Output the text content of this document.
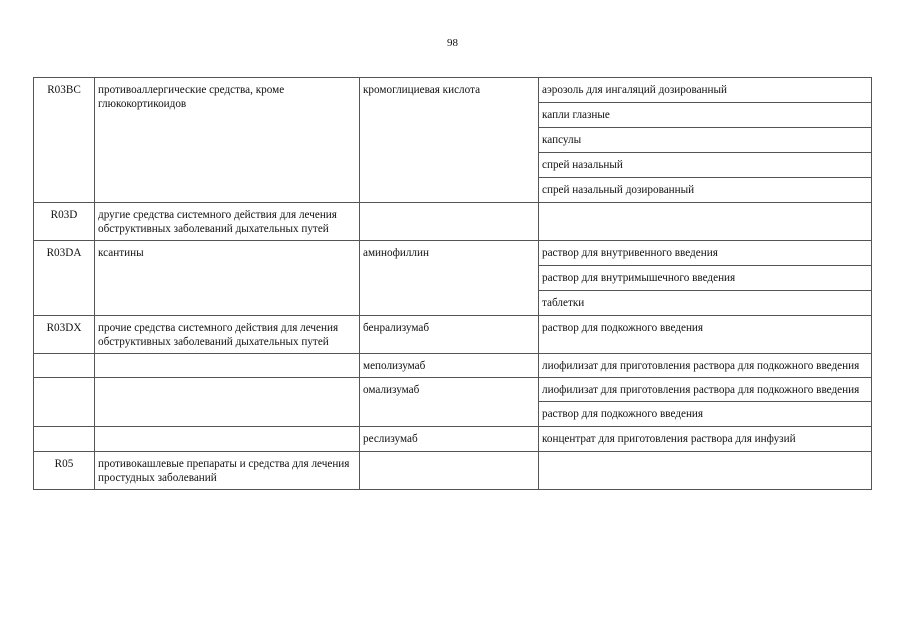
98
R03BC	противоаллергические средства, кроме глюкокортикоидов	кромоглициевая кислота	аэрозоль для ингаляций дозированный
капли глазные
капсулы
спрей назальный
спрей назальный дозированный

R03D	другие средства системного действия для лечения обструктивных заболеваний дыхательных путей		

R03DA	ксантины	аминофиллин	раствор для внутривенного введения
раствор для внутримышечного введения
таблетки

R03DX	прочие средства системного действия для лечения обструктивных заболеваний дыхательных путей	бенрализумаб	раствор для подкожного введения

		меполизумаб	лиофилизат для приготовления раствора для подкожного введения

		омализумаб	лиофилизат для приготовления раствора для подкожного введения
раствор для подкожного введения

		реслизумаб	концентрат для приготовления раствора для инфузий

R05	противокашлевые препараты и средства для лечения простудных заболеваний		
